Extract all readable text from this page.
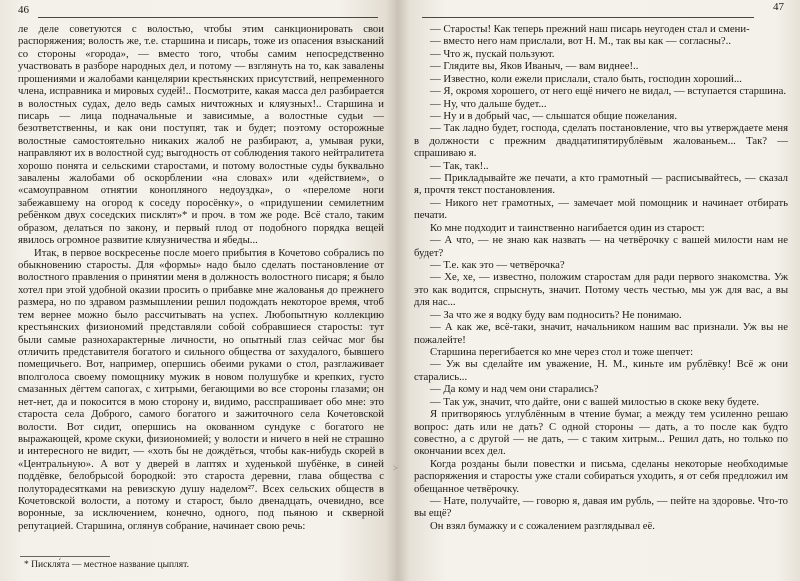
46

ле делe советуются с волостью, чтобы этим санкционировать свои распоряжения; волость же, т.е. старшина и писарь, тоже из опасения взысканий со стороны «города», — вместо того, чтобы самим непосредственно участвовать в разборе народных дел, и потому — взглянуть на то, как завалены прошениями и жалобами канцелярии крестьянских присутствий, непременного члена, исправника и мировых судей!.. Посмотрите, какая масса дел разбирается в волостных судах, дело ведь самых ничтожных и кляузных!.. Старшина и писарь — лица подначальные и зависимые, а волостные судьи — безответственны, и как они поступят, так и будет; поэтому осторожные волостные самостоятельно никаких жалоб не разбирают, а, умывая руки, направляют их в волостной суд; выгодность от соблюдения такого нейтралитета хорошо понята и сельскими старостами, и потому волостные суды буквально завалены жалобами об оскорблении «на словах» или «действием», о «самоуправном отнятии конопляного недоуздка», о «переломе ноги забежавшему на огород к соседу поросёнку», о «придушении семилетним ребёнком двух соседских писклят»* и проч. в том же роде. Всё стало, таким образом, делаться по закону, и первый плод от подобного порядка вещей явилось огромное развитие кляузничества и ябеды...

Итак, в первое воскресенье после моего прибытия в Кочетово собрались по обыкновению старосты. Для «формы» надо было сделать постановление от волостного правления о принятии меня в должность волостного писаря; я было хотел при этой удобной оказии просить о прибавке мне жалованья до прежнего размера, но по здравом размышлении решил подождать некоторое время, чтоб тем вернее можно было рассчитывать на успех. Любопытную коллекцию крестьянских физиономий представляли собой собравшиеся старосты: тут были самые разнохарактерные личности, но опытный глаз сейчас мог бы отличить представителя богатого и сильного общества от захудалого, бывшего помещичьего. Вот, например, опершись обеими руками о стол, разглаживает вполголоса своему помощнику мужик в новом полушубке и крепких, густо смазанных дёгтем сапогах, с хитрыми, бегающими во все стороны глазами; он нет-нет, да и покосится в мою сторону и, видимо, расспрашивает обо мне: это староста села Доброго, самого богатого и зажиточного села Кочетовской волости. Вот сидит, опершись на окованном сундуке с богатого не выражающей, кроме скуки, физиономией; у волости и ничего в ней не страшно и интересного не видит, — «хоть бы не дождёться, чтобы как-нибудь скорей в «Центральную». А вот у дверей в лаптях и худенькой шубёнке, в синей поддёвке, белобрысой бородкой: это староста деревни, глава общества с полуторадесятками на ревизскую душу наделом²⁷. Всех сельских обществ в Кочетовской волости, а потому и старост, было двенадцать, очевидно, все воронные, за исключением, конечно, одного, под пьяною и скверной репутацией. Старшина, оглянув собрание, начинает свою речь:

* Пискля́та — местное название цыплят.
47

— Старосты! Как теперь прежний наш писарь неугоден стал и смени-

— вместо него нам прислали, вот Н. М., так вы как — согласны?..

— Что ж, пускай пользуют.

— Глядите вы, Яков Иваныч, — вам виднее!..

— Известно, коли ежели прислали, стало быть, господин хороший...

— Я, окромя хорошего, от него ещё ничего не видал, — вступается старшина.

— Ну, что дальше будет...

— Ну и в добрый час, — слышатся общие пожелания.

— Так ладно будет, господа, сделать постановление, что вы утверждаете меня в должности с прежним двадцатипятирублёвым жалованьем... Так? — спрашиваю я.

— Так, так!..

— Прикладывайте же печати, а кто грамотный — расписывайтесь, — сказал я, прочтя текст постановления.

— Никого нет грамотных, — замечает мой помощник и начинает отбирать печати.

Ко мне подходит и таинственно нагибается один из старост:

— А что, — не знаю как назвать — на четвёрочку с вашей милости нам не будет?

— Т.е. как это — четвёрочка?

— Хе, хе, — известно, положим старостам для ради первого знакомства. Уж это как водится, спрыснуть, значит. Потому честь честью, мы уж для вас, а вы для нас...

— За что же я водку буду вам подносить? Не понимаю.

— А как же, всё-таки, значит, начальником нашим вас признали. Уж вы не пожалейте!

Старшина перегибается ко мне через стол и тоже шепчет:

— Уж вы сделайте им уважение, Н. М., киньте им рублёвку! Всё ж они старались...

— Да кому и над чем они старались?

— Так уж, значит, что дайте, они с вашей милостью в скоке веку будете.

Я притворяюсь углублённым в чтение бумаг, а между тем усиленно решаю вопрос: дать или не дать? С одной стороны — дать, а то после как будто совестно, а с другой — не дать, — с таким хитрым... Решил дать, но только по окончании всех дел.

Когда розданы были повестки и письма, сделаны некоторые необходимые распоряжения и старосты уже стали собираться уходить, я от себя предложил им обещанное четвёрочку.

— Нате, получайте, — говорю я, давая им рубль, — пейте на здоровье. Что-то вы ещё?

Он взял бумажку и с сожалением разглядывал её.

>
